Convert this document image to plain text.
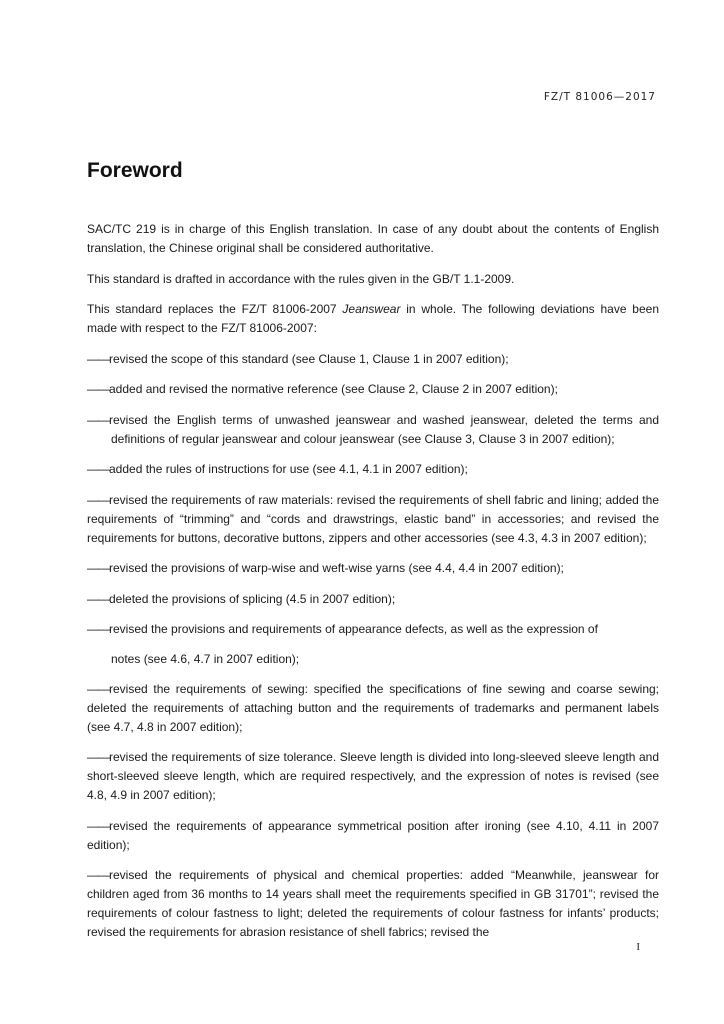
FZ/T 81006—2017
Foreword

SAC/TC 219 is in charge of this English translation. In case of any doubt about the contents of English translation, the Chinese original shall be considered authoritative.

This standard is drafted in accordance with the rules given in the GB/T 1.1-2009.

This standard replaces the FZ/T 81006-2007 Jeanswear in whole. The following deviations have been made with respect to the FZ/T 81006-2007:

——revised the scope of this standard (see Clause 1, Clause 1 in 2007 edition);

——added and revised the normative reference (see Clause 2, Clause 2 in 2007 edition);

——revised the English terms of unwashed jeanswear and washed jeanswear, deleted the terms and definitions of regular jeanswear and colour jeanswear (see Clause 3, Clause 3 in 2007 edition);

——added the rules of instructions for use (see 4.1, 4.1 in 2007 edition);

——revised the requirements of raw materials: revised the requirements of shell fabric and lining; added the requirements of “trimming” and “cords and drawstrings, elastic band” in accessories; and revised the requirements for buttons, decorative buttons, zippers and other accessories (see 4.3, 4.3 in 2007 edition);

——revised the provisions of warp-wise and weft-wise yarns (see 4.4, 4.4 in 2007 edition);

——deleted the provisions of splicing (4.5 in 2007 edition);

——revised the provisions and requirements of appearance defects, as well as the expression of

notes (see 4.6, 4.7 in 2007 edition);

——revised the requirements of sewing: specified the specifications of fine sewing and coarse sewing; deleted the requirements of attaching button and the requirements of trademarks and permanent labels (see 4.7, 4.8 in 2007 edition);

——revised the requirements of size tolerance. Sleeve length is divided into long-sleeved sleeve length and short-sleeved sleeve length, which are required respectively, and the expression of notes is revised (see 4.8, 4.9 in 2007 edition);

——revised the requirements of appearance symmetrical position after ironing (see 4.10, 4.11 in 2007 edition);

——revised the requirements of physical and chemical properties: added “Meanwhile, jeanswear for children aged from 36 months to 14 years shall meet the requirements specified in GB 31701”; revised the requirements of colour fastness to light; deleted the requirements of colour fastness for infants’ products; revised the requirements for abrasion resistance of shell fabrics; revised the

I
